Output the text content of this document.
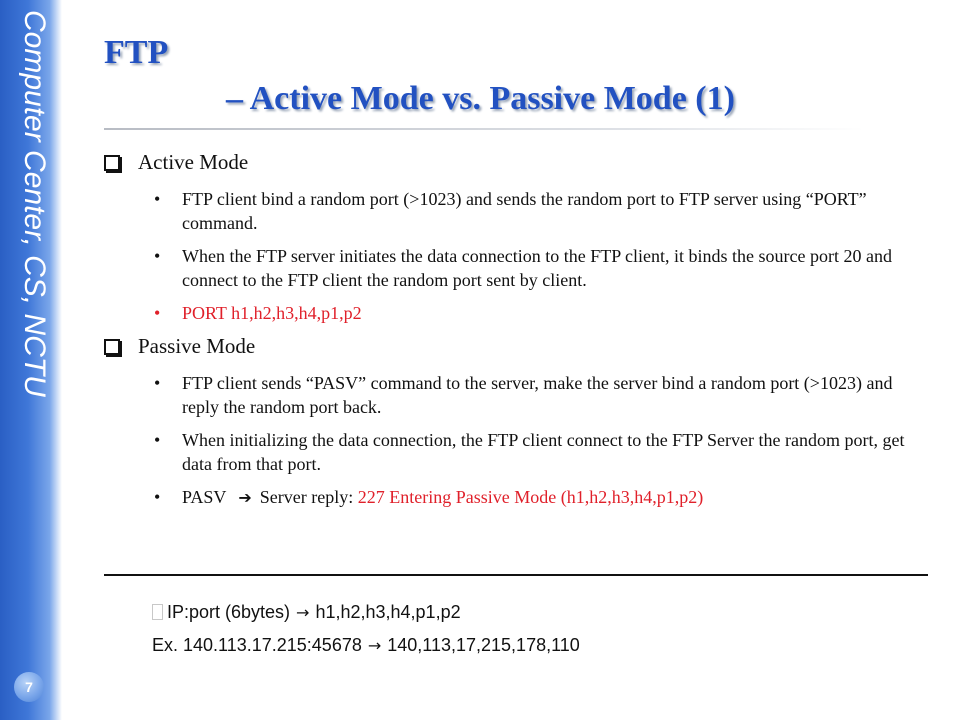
Computer Center, CS, NCTU
7
FTP
– Active Mode vs. Passive Mode (1)
Active Mode
• FTP client bind a random port (>1023) and sends the random port to FTP server using “PORT” command.
• When the FTP server initiates the data connection to the FTP client, it binds the source port 20 and connect to the FTP client the random port sent by client.
• PORT h1,h2,h3,h4,p1,p2
Passive Mode
• FTP client sends “PASV” command to the server, make the server bind a random port (>1023) and reply the random port back.
• When initializing the data connection, the FTP client connect to the FTP Server the random port, get data from that port.
• PASV ➔ Server reply: 227 Entering Passive Mode (h1,h2,h3,h4,p1,p2)
IP:port (6bytes) → h1,h2,h3,h4,p1,p2
Ex. 140.113.17.215:45678 → 140,113,17,215,178,110
